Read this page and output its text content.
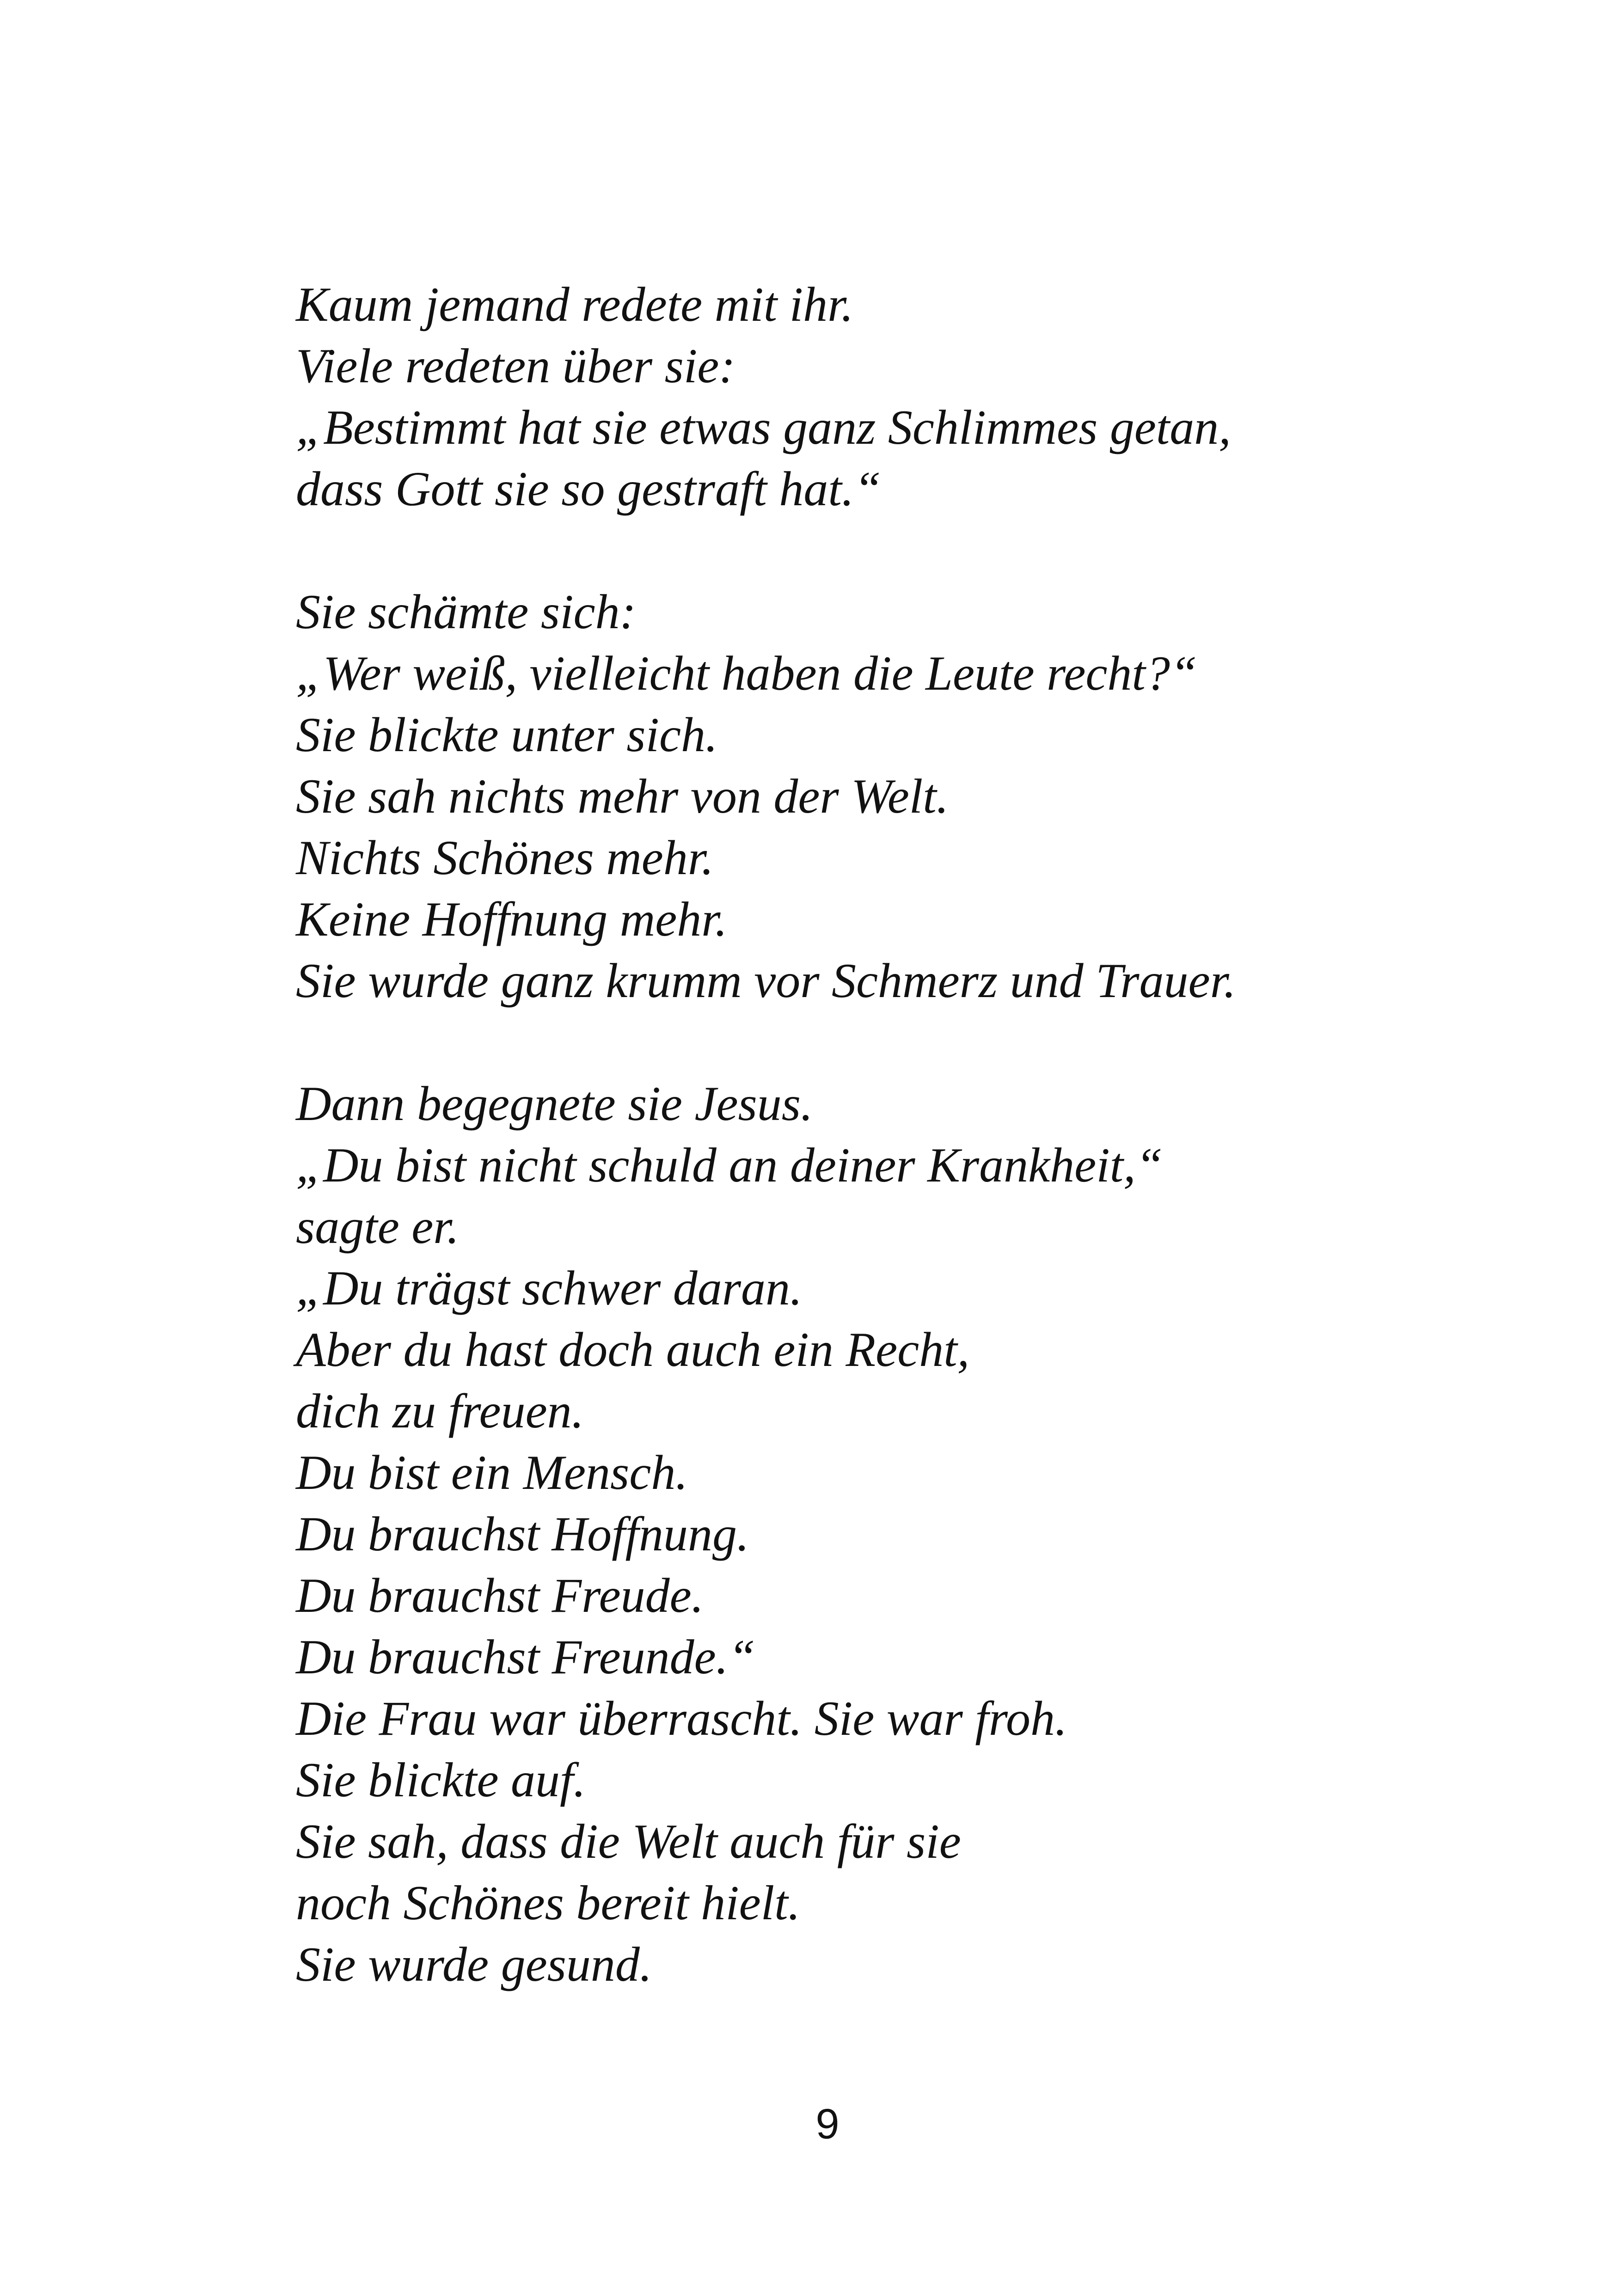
Kaum jemand redete mit ihr.
Viele redeten über sie:
„Bestimmt hat sie etwas ganz Schlimmes getan,
dass Gott sie so gestraft hat.“
Sie schämte sich:
„Wer weiß, vielleicht haben die Leute recht?“
Sie blickte unter sich.
Sie sah nichts mehr von der Welt.
Nichts Schönes mehr.
Keine Hoffnung mehr.
Sie wurde ganz krumm vor Schmerz und Trauer.
Dann begegnete sie Jesus.
„Du bist nicht schuld an deiner Krankheit,“
sagte er.
„Du trägst schwer daran.
Aber du hast doch auch ein Recht,
dich zu freuen.
Du bist ein Mensch.
Du brauchst Hoffnung.
Du brauchst Freude.
Du brauchst Freunde.“
Die Frau war überrascht. Sie war froh.
Sie blickte auf.
Sie sah, dass die Welt auch für sie
noch Schönes bereit hielt.
Sie wurde gesund.
9
